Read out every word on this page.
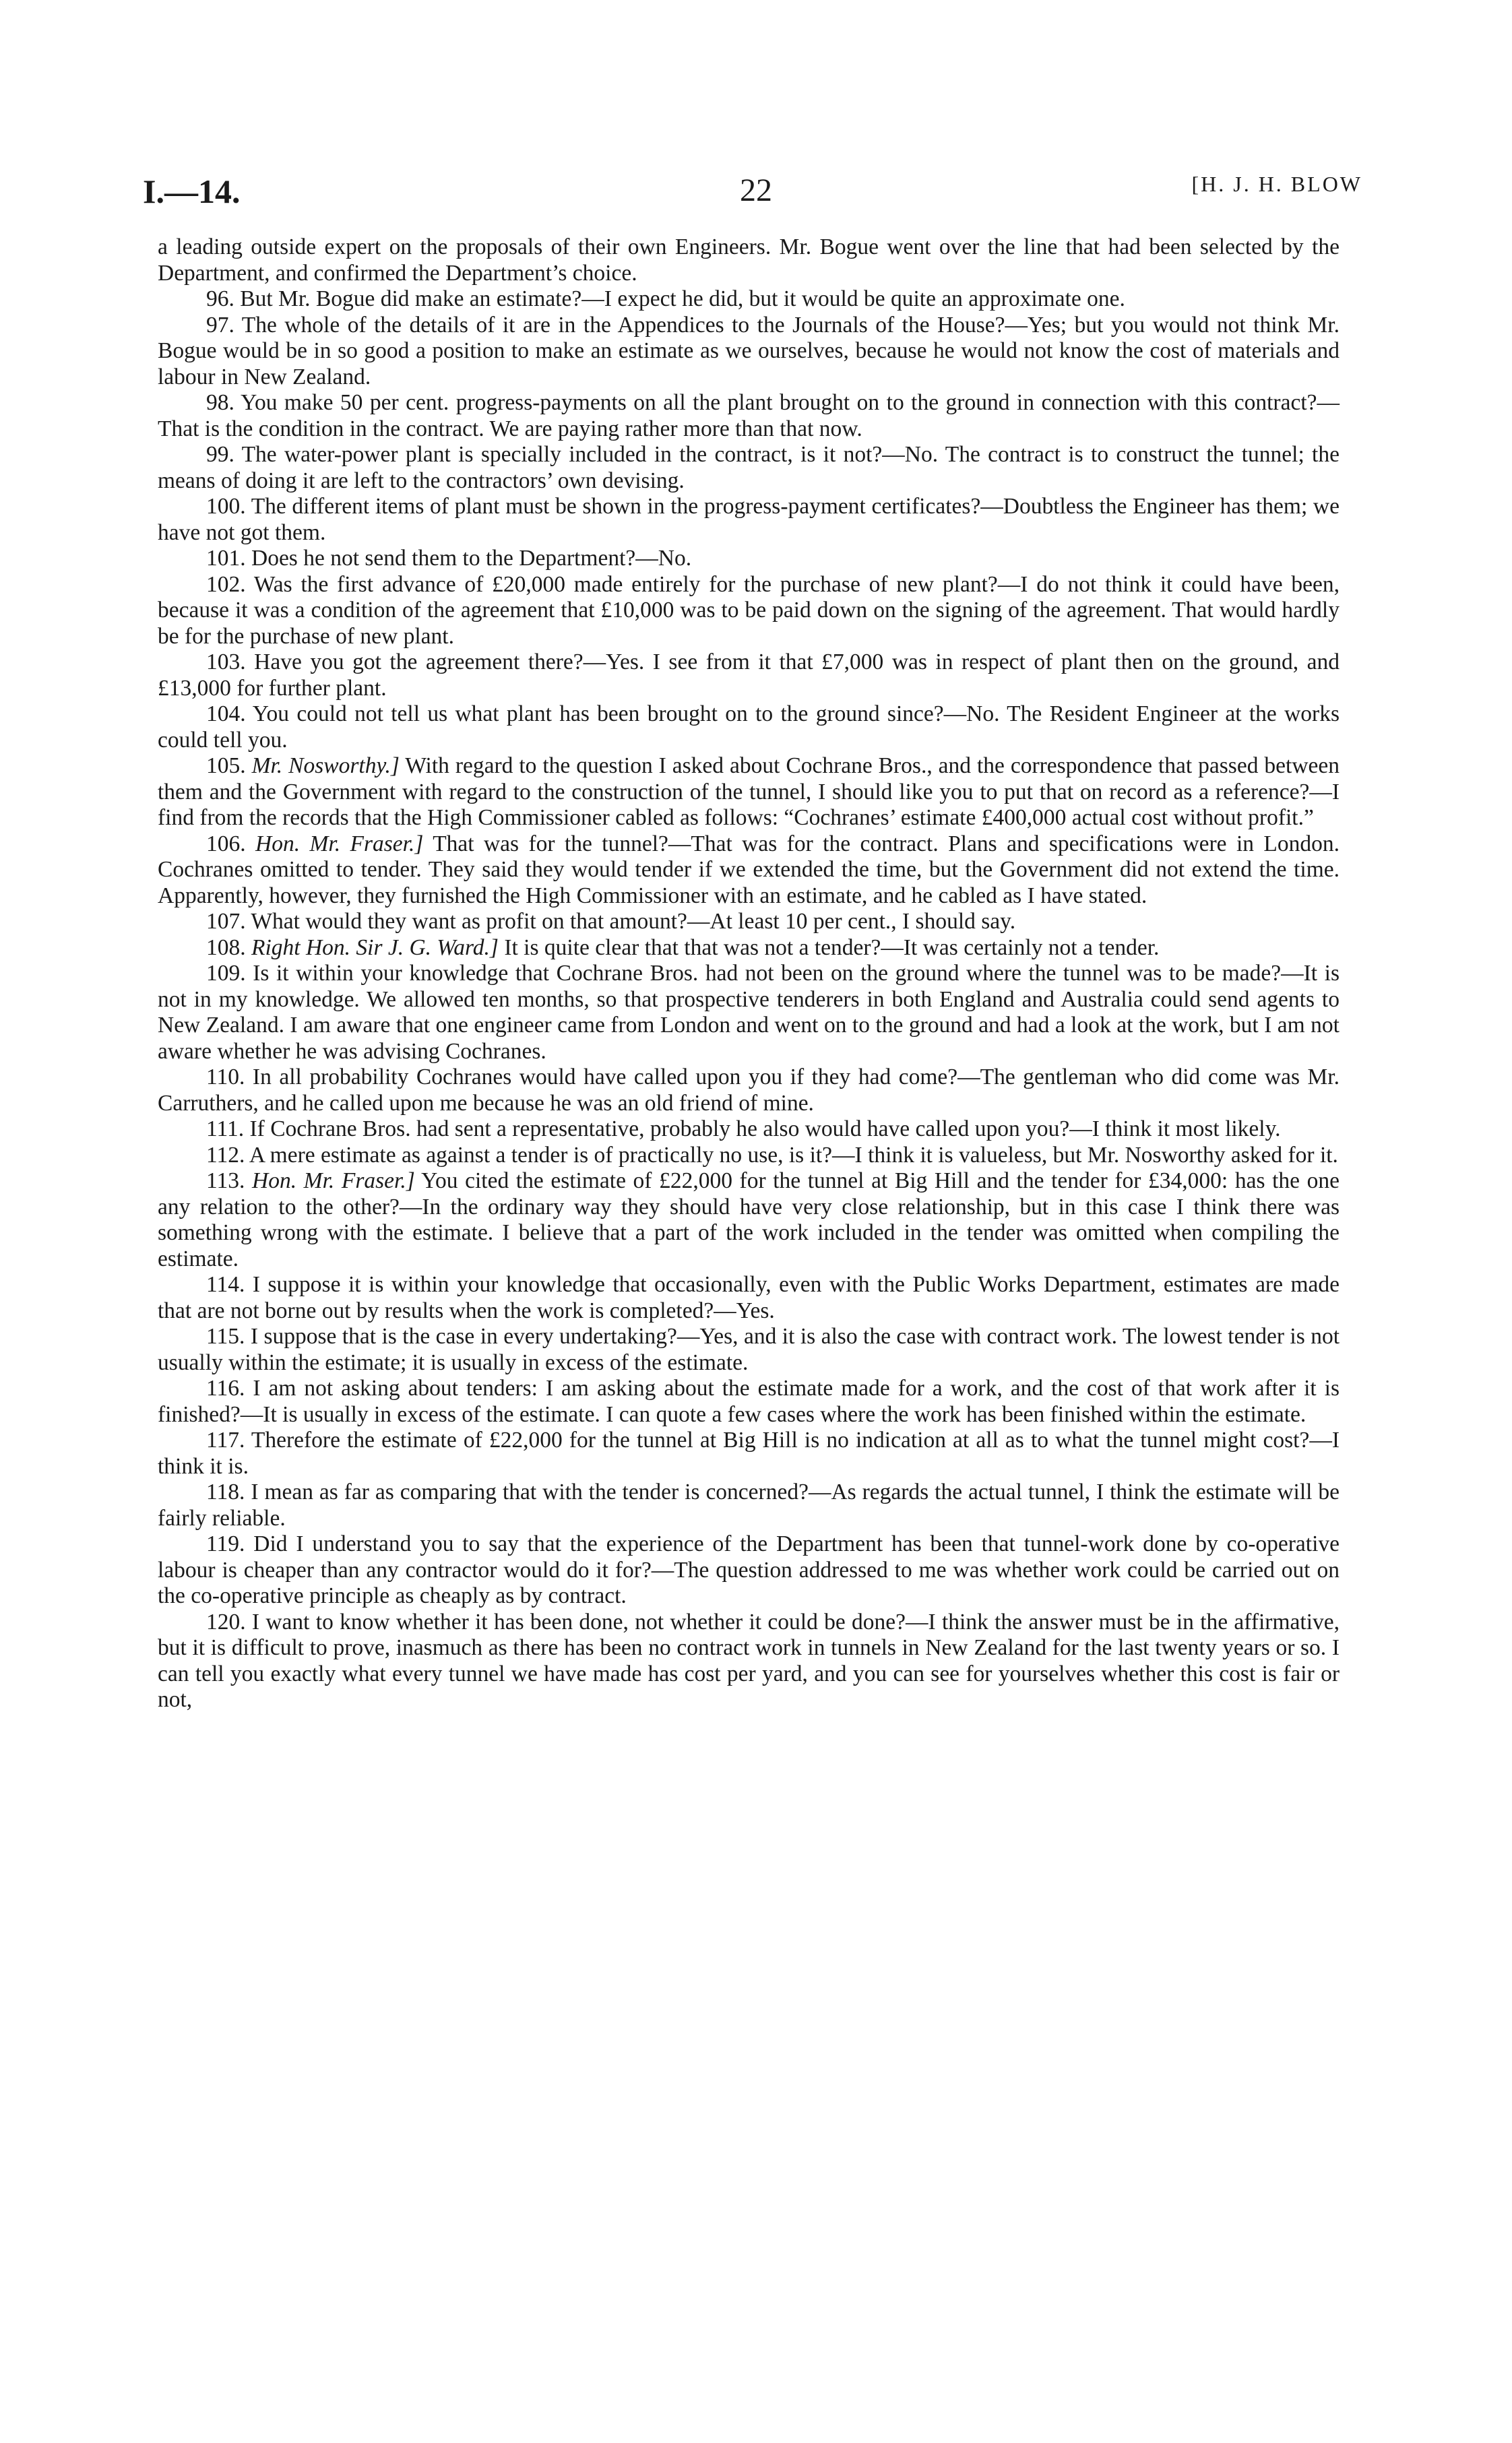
I.—14.	22	[H. J. H. BLOW

a leading outside expert on the proposals of their own Engineers. Mr. Bogue went over the line that had been selected by the Department, and confirmed the Department’s choice.

96. But Mr. Bogue did make an estimate?—I expect he did, but it would be quite an approximate one.

97. The whole of the details of it are in the Appendices to the Journals of the House?—Yes; but you would not think Mr. Bogue would be in so good a position to make an estimate as we ourselves, because he would not know the cost of materials and labour in New Zealand.

98. You make 50 per cent. progress-payments on all the plant brought on to the ground in connection with this contract?—That is the condition in the contract. We are paying rather more than that now.

99. The water-power plant is specially included in the contract, is it not?—No. The contract is to construct the tunnel; the means of doing it are left to the contractors’ own devising.

100. The different items of plant must be shown in the progress-payment certificates?—Doubtless the Engineer has them; we have not got them.

101. Does he not send them to the Department?—No.

102. Was the first advance of £20,000 made entirely for the purchase of new plant?—I do not think it could have been, because it was a condition of the agreement that £10,000 was to be paid down on the signing of the agreement. That would hardly be for the purchase of new plant.

103. Have you got the agreement there?—Yes. I see from it that £7,000 was in respect of plant then on the ground, and £13,000 for further plant.

104. You could not tell us what plant has been brought on to the ground since?—No. The Resident Engineer at the works could tell you.

105. Mr. Nosworthy.] With regard to the question I asked about Cochrane Bros., and the correspondence that passed between them and the Government with regard to the construction of the tunnel, I should like you to put that on record as a reference?—I find from the records that the High Commissioner cabled as follows: “Cochranes’ estimate £400,000 actual cost without profit.”

106. Hon. Mr. Fraser.] That was for the tunnel?—That was for the contract. Plans and specifications were in London. Cochranes omitted to tender. They said they would tender if we extended the time, but the Government did not extend the time. Apparently, however, they furnished the High Commissioner with an estimate, and he cabled as I have stated.

107. What would they want as profit on that amount?—At least 10 per cent., I should say.

108. Right Hon. Sir J. G. Ward.] It is quite clear that that was not a tender?—It was certainly not a tender.

109. Is it within your knowledge that Cochrane Bros. had not been on the ground where the tunnel was to be made?—It is not in my knowledge. We allowed ten months, so that prospective tenderers in both England and Australia could send agents to New Zealand. I am aware that one engineer came from London and went on to the ground and had a look at the work, but I am not aware whether he was advising Cochranes.

110. In all probability Cochranes would have called upon you if they had come?—The gentleman who did come was Mr. Carruthers, and he called upon me because he was an old friend of mine.

111. If Cochrane Bros. had sent a representative, probably he also would have called upon you?—I think it most likely.

112. A mere estimate as against a tender is of practically no use, is it?—I think it is valueless, but Mr. Nosworthy asked for it.

113. Hon. Mr. Fraser.] You cited the estimate of £22,000 for the tunnel at Big Hill and the tender for £34,000: has the one any relation to the other?—In the ordinary way they should have very close relationship, but in this case I think there was something wrong with the estimate. I believe that a part of the work included in the tender was omitted when compiling the estimate.

114. I suppose it is within your knowledge that occasionally, even with the Public Works Department, estimates are made that are not borne out by results when the work is completed?—Yes.

115. I suppose that is the case in every undertaking?—Yes, and it is also the case with contract work. The lowest tender is not usually within the estimate; it is usually in excess of the estimate.

116. I am not asking about tenders: I am asking about the estimate made for a work, and the cost of that work after it is finished?—It is usually in excess of the estimate. I can quote a few cases where the work has been finished within the estimate.

117. Therefore the estimate of £22,000 for the tunnel at Big Hill is no indication at all as to what the tunnel might cost?—I think it is.

118. I mean as far as comparing that with the tender is concerned?—As regards the actual tunnel, I think the estimate will be fairly reliable.

119. Did I understand you to say that the experience of the Department has been that tunnel-work done by co-operative labour is cheaper than any contractor would do it for?—The question addressed to me was whether work could be carried out on the co-operative principle as cheaply as by contract.

120. I want to know whether it has been done, not whether it could be done?—I think the answer must be in the affirmative, but it is difficult to prove, inasmuch as there has been no contract work in tunnels in New Zealand for the last twenty years or so. I can tell you exactly what every tunnel we have made has cost per yard, and you can see for yourselves whether this cost is fair or not,
